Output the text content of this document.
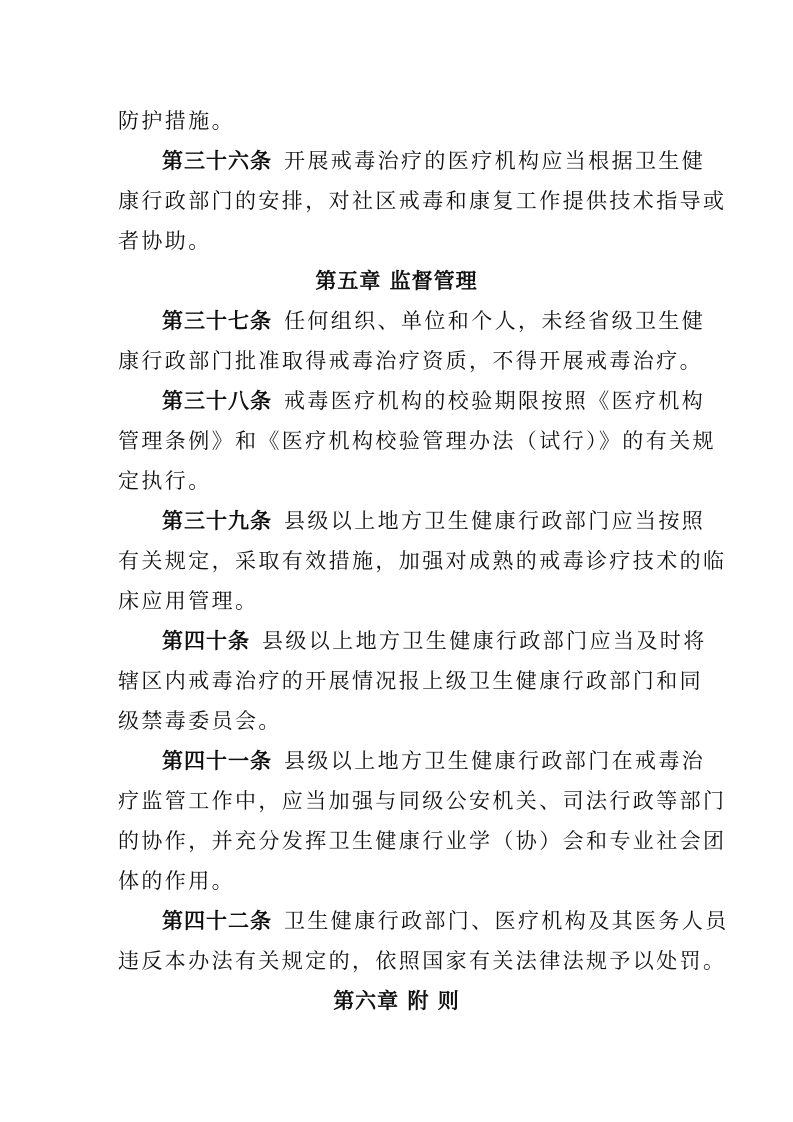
防护措施。
第三十六条 开展戒毒治疗的医疗机构应当根据卫生健
康行政部门的安排，对社区戒毒和康复工作提供技术指导或
者协助。
第五章 监督管理
第三十七条 任何组织、单位和个人，未经省级卫生健
康行政部门批准取得戒毒治疗资质，不得开展戒毒治疗。
第三十八条 戒毒医疗机构的校验期限按照《医疗机构
管理条例》和《医疗机构校验管理办法（试行）》的有关规
定执行。
第三十九条 县级以上地方卫生健康行政部门应当按照
有关规定，采取有效措施，加强对成熟的戒毒诊疗技术的临
床应用管理。
第四十条 县级以上地方卫生健康行政部门应当及时将
辖区内戒毒治疗的开展情况报上级卫生健康行政部门和同
级禁毒委员会。
第四十一条 县级以上地方卫生健康行政部门在戒毒治
疗监管工作中，应当加强与同级公安机关、司法行政等部门
的协作，并充分发挥卫生健康行业学（协）会和专业社会团
体的作用。
第四十二条 卫生健康行政部门、医疗机构及其医务人员
违反本办法有关规定的，依照国家有关法律法规予以处罚。
第六章 附 则
